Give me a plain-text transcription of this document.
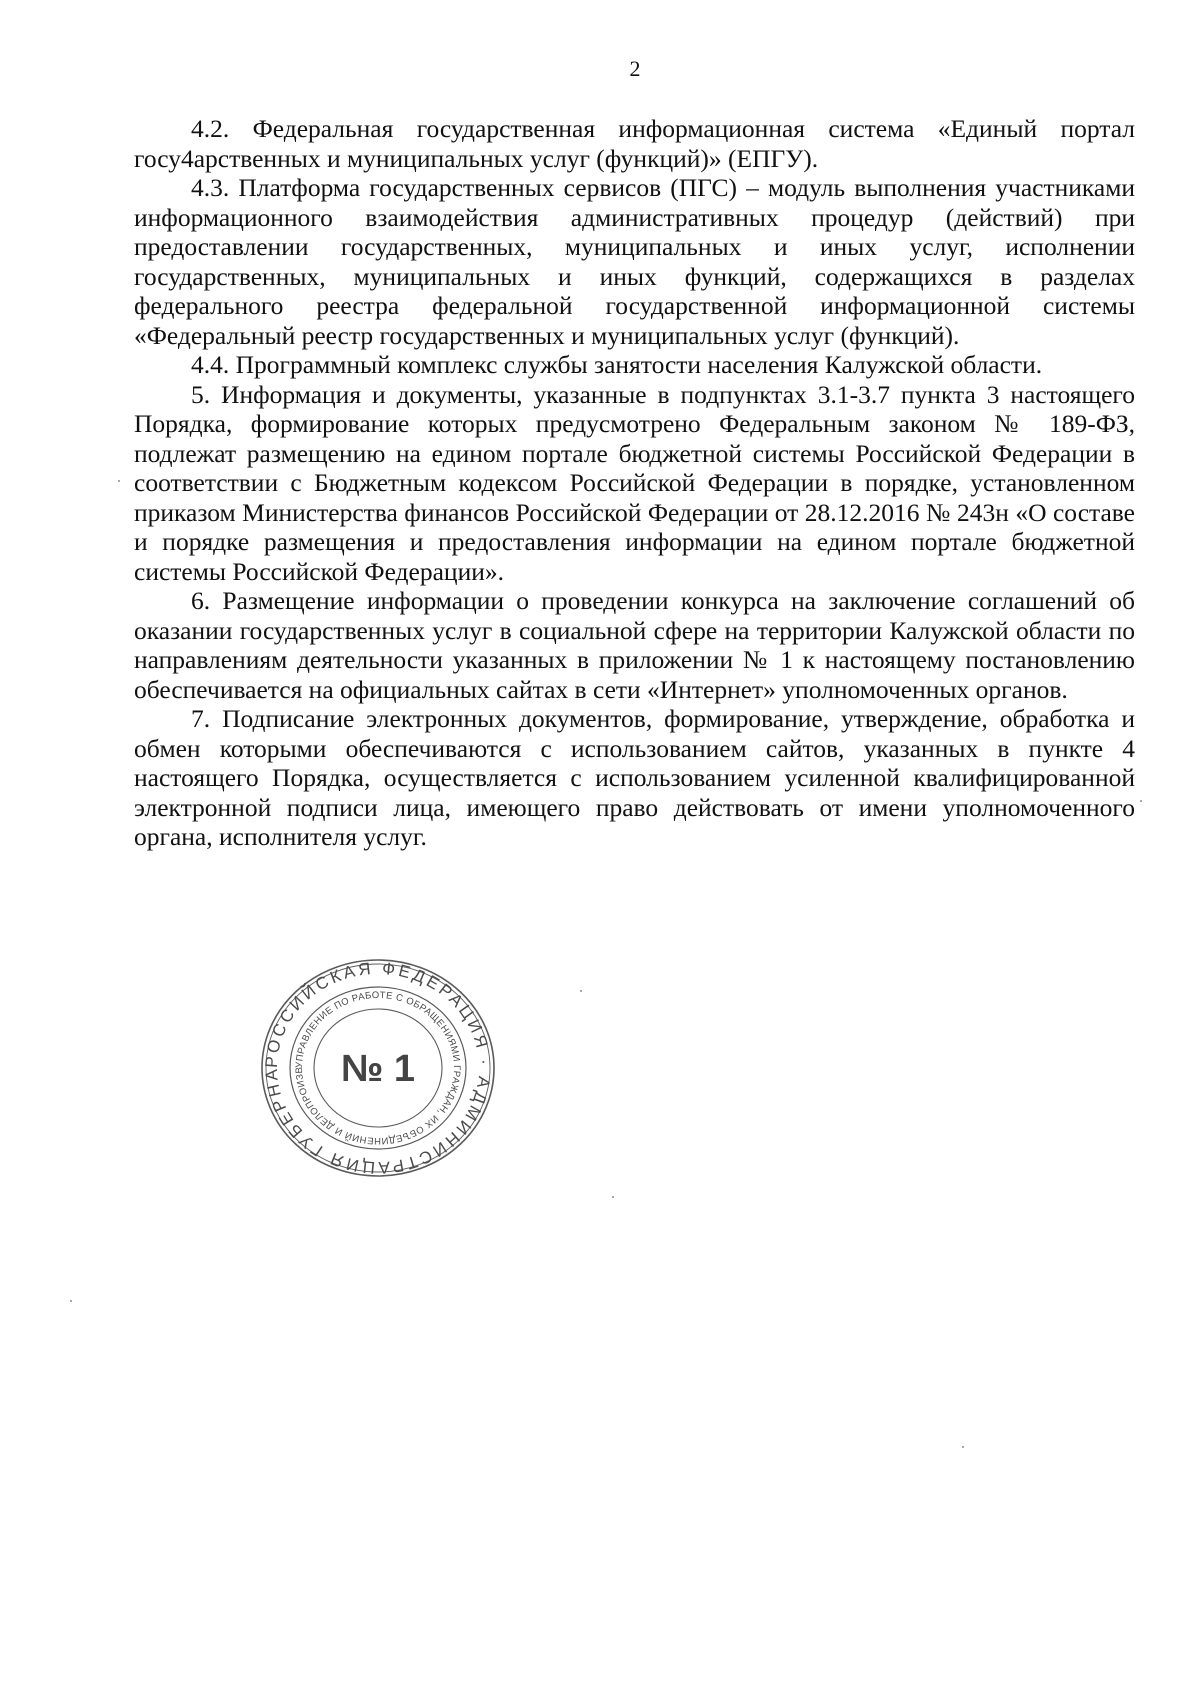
2

4.2. Федеральная государственная информационная система «Единый портал госу4арственных и муниципальных услуг (функций)» (ЕПГУ).

4.3. Платформа государственных сервисов (ПГС) – модуль выполнения участниками информационного взаимодействия административных процедур (действий) при предоставлении государственных, муниципальных и иных услуг, исполнении государственных, муниципальных и иных функций, содержащихся в разделах федерального реестра федеральной государственной информационной системы «Федеральный реестр государственных и муниципальных услуг (функций).

4.4. Программный комплекс службы занятости населения Калужской области.

5. Информация и документы, указанные в подпунктах 3.1-3.7 пункта 3 настоящего Порядка, формирование которых предусмотрено Федеральным законом № 189-ФЗ, подлежат размещению на едином портале бюджетной системы Российской Федерации в соответствии с Бюджетным кодексом Российской Федерации в порядке, установленном приказом Министерства финансов Российской Федерации от 28.12.2016 № 243н «О составе и порядке размещения и предоставления информации на едином портале бюджетной системы Российской Федерации».

6. Размещение информации о проведении конкурса на заключение соглашений об оказании государственных услуг в социальной сфере на территории Калужской области по направлениям деятельности указанных в приложении № 1 к настоящему постановлению обеспечивается на официальных сайтах в сети «Интернет» уполномоченных органов.

7. Подписание электронных документов, формирование, утверждение, обработка и обмен которыми обеспечиваются с использованием сайтов, указанных в пункте 4 настоящего Порядка, осуществляется с использованием усиленной квалифицированной электронной подписи лица, имеющего право действовать от имени уполномоченного органа, исполнителя услуг.

РОССИЙСКАЯ ФЕДЕРАЦИЯ · АДМИНИСТРАЦИЯ ГУБЕРНА
УПРАВЛЕНИЕ ПО РАБОТЕ С ОБРАЩЕНИЯМИ ГРАЖДАН, ИХ ОБЪЕДИНЕНИЙ И ДЕЛОПРОИЗВ № 1
